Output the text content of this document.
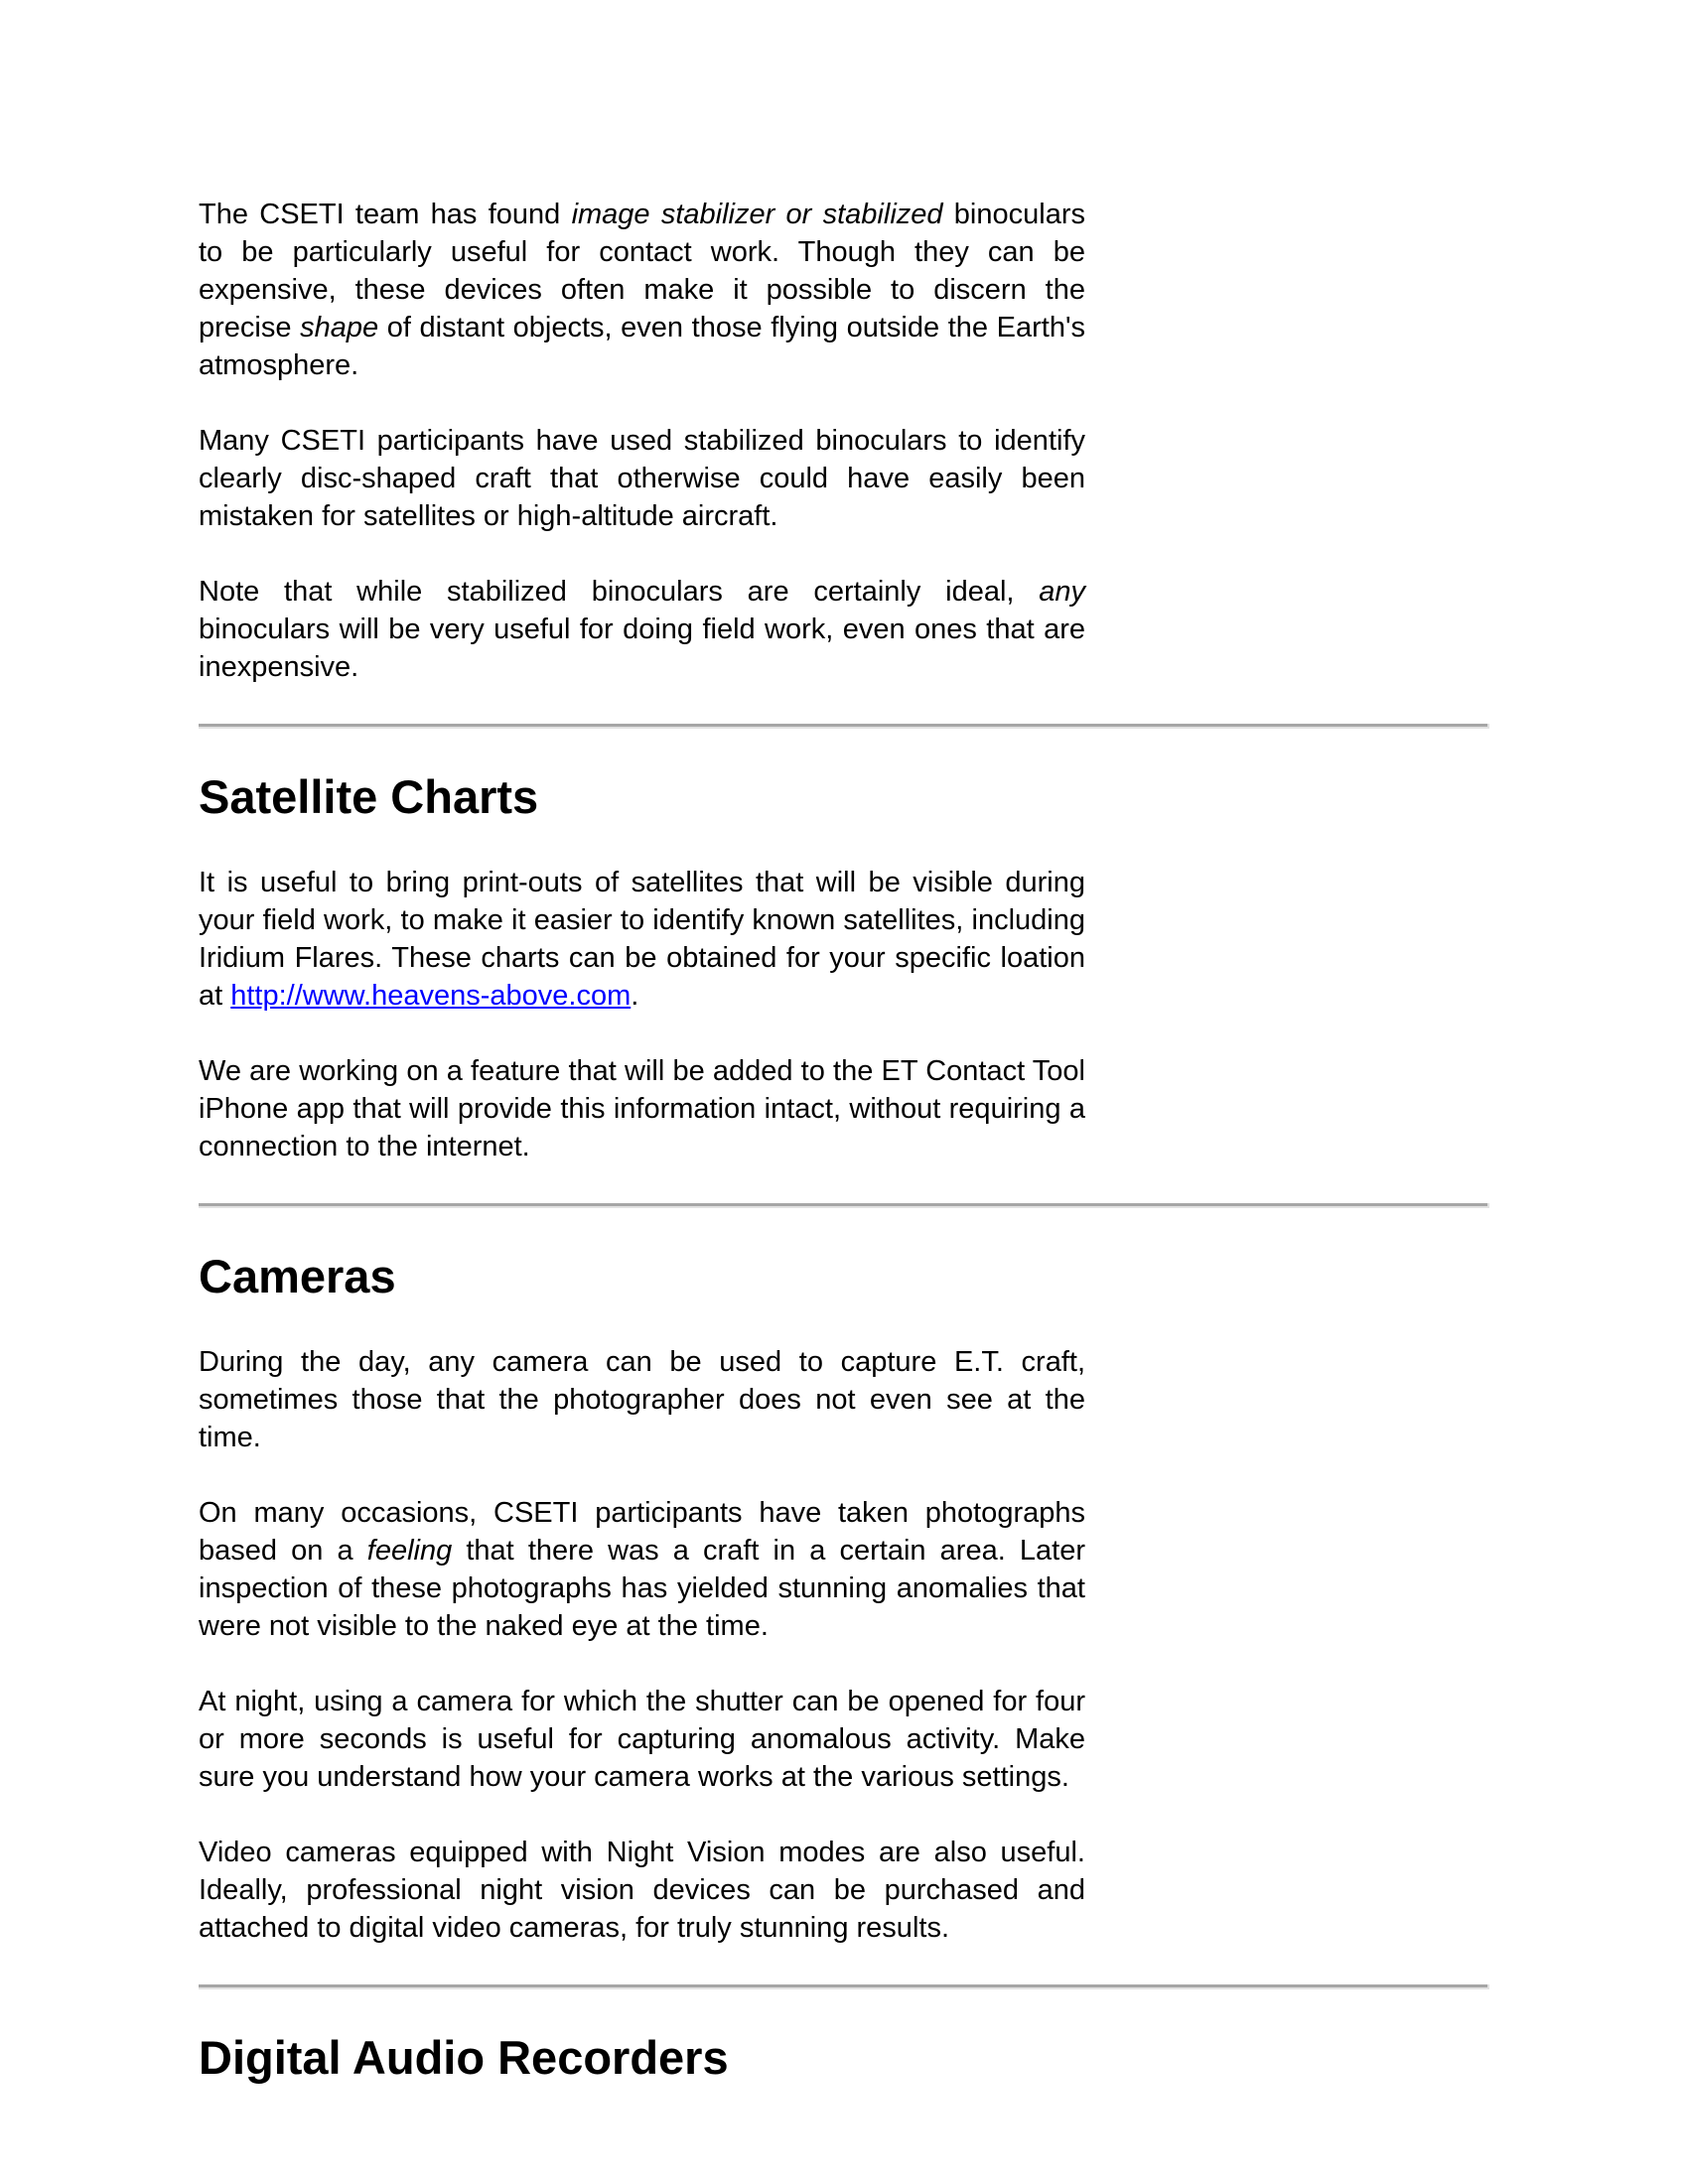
The CSETI team has found image stabilizer or stabilized binoculars to be particularly useful for contact work. Though they can be expensive, these devices often make it possible to discern the precise shape of distant objects, even those flying outside the Earth's atmosphere.

Many CSETI participants have used stabilized binoculars to identify clearly disc-shaped craft that otherwise could have easily been mistaken for satellites or high-altitude aircraft.

Note that while stabilized binoculars are certainly ideal, any binoculars will be very useful for doing field work, even ones that are inexpensive.

Satellite Charts

It is useful to bring print-outs of satellites that will be visible during your field work, to make it easier to identify known satellites, including Iridium Flares. These charts can be obtained for your specific loation at http://www.heavens-above.com.

We are working on a feature that will be added to the ET Contact Tool iPhone app that will provide this information intact, without requiring a connection to the internet.

Cameras

During the day, any camera can be used to capture E.T. craft, sometimes those that the photographer does not even see at the time.

On many occasions, CSETI participants have taken photographs based on a feeling that there was a craft in a certain area. Later inspection of these photographs has yielded stunning anomalies that were not visible to the naked eye at the time.

At night, using a camera for which the shutter can be opened for four or more seconds is useful for capturing anomalous activity. Make sure you understand how your camera works at the various settings.

Video cameras equipped with Night Vision modes are also useful. Ideally, professional night vision devices can be purchased and attached to digital video cameras, for truly stunning results.

Digital Audio Recorders
